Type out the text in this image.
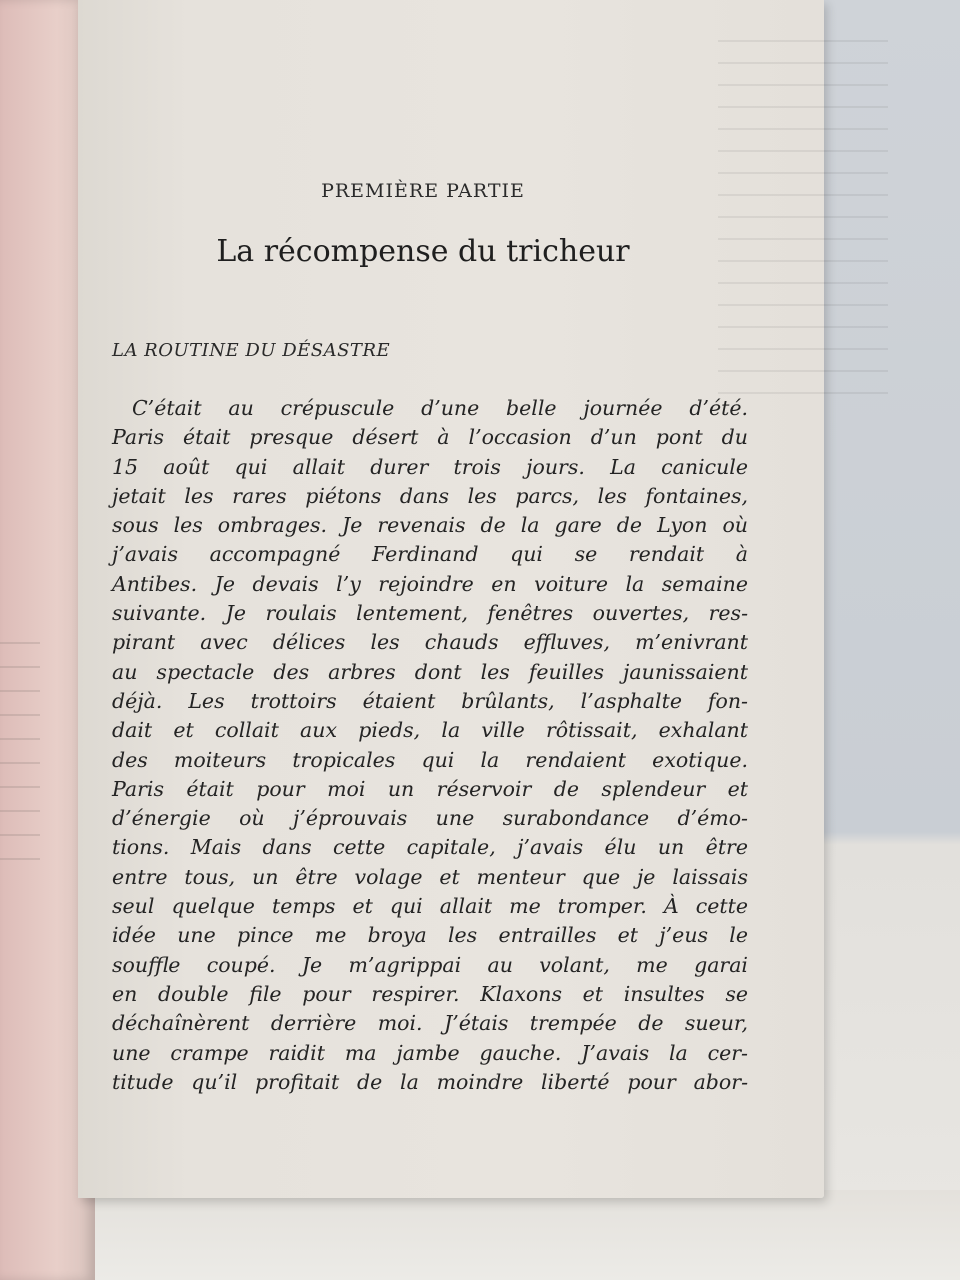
PREMIÈRE PARTIE
La récompense du tricheur
LA ROUTINE DU DÉSASTRE
C’était au crépuscule d’une belle journée d’été.
Paris était presque désert à l’occasion d’un pont du
15 août qui allait durer trois jours. La canicule
jetait les rares piétons dans les parcs, les fontaines,
sous les ombrages. Je revenais de la gare de Lyon où
j’avais accompagné Ferdinand qui se rendait à
Antibes. Je devais l’y rejoindre en voiture la semaine
suivante. Je roulais lentement, fenêtres ouvertes, res-
pirant avec délices les chauds effluves, m’enivrant
au spectacle des arbres dont les feuilles jaunissaient
déjà. Les trottoirs étaient brûlants, l’asphalte fon-
dait et collait aux pieds, la ville rôtissait, exhalant
des moiteurs tropicales qui la rendaient exotique.
Paris était pour moi un réservoir de splendeur et
d’énergie où j’éprouvais une surabondance d’émo-
tions. Mais dans cette capitale, j’avais élu un être
entre tous, un être volage et menteur que je laissais
seul quelque temps et qui allait me tromper. À cette
idée une pince me broya les entrailles et j’eus le
souffle coupé. Je m’agrippai au volant, me garai
en double file pour respirer. Klaxons et insultes se
déchaînèrent derrière moi. J’étais trempée de sueur,
une crampe raidit ma jambe gauche. J’avais la cer-
titude qu’il profitait de la moindre liberté pour abor-
